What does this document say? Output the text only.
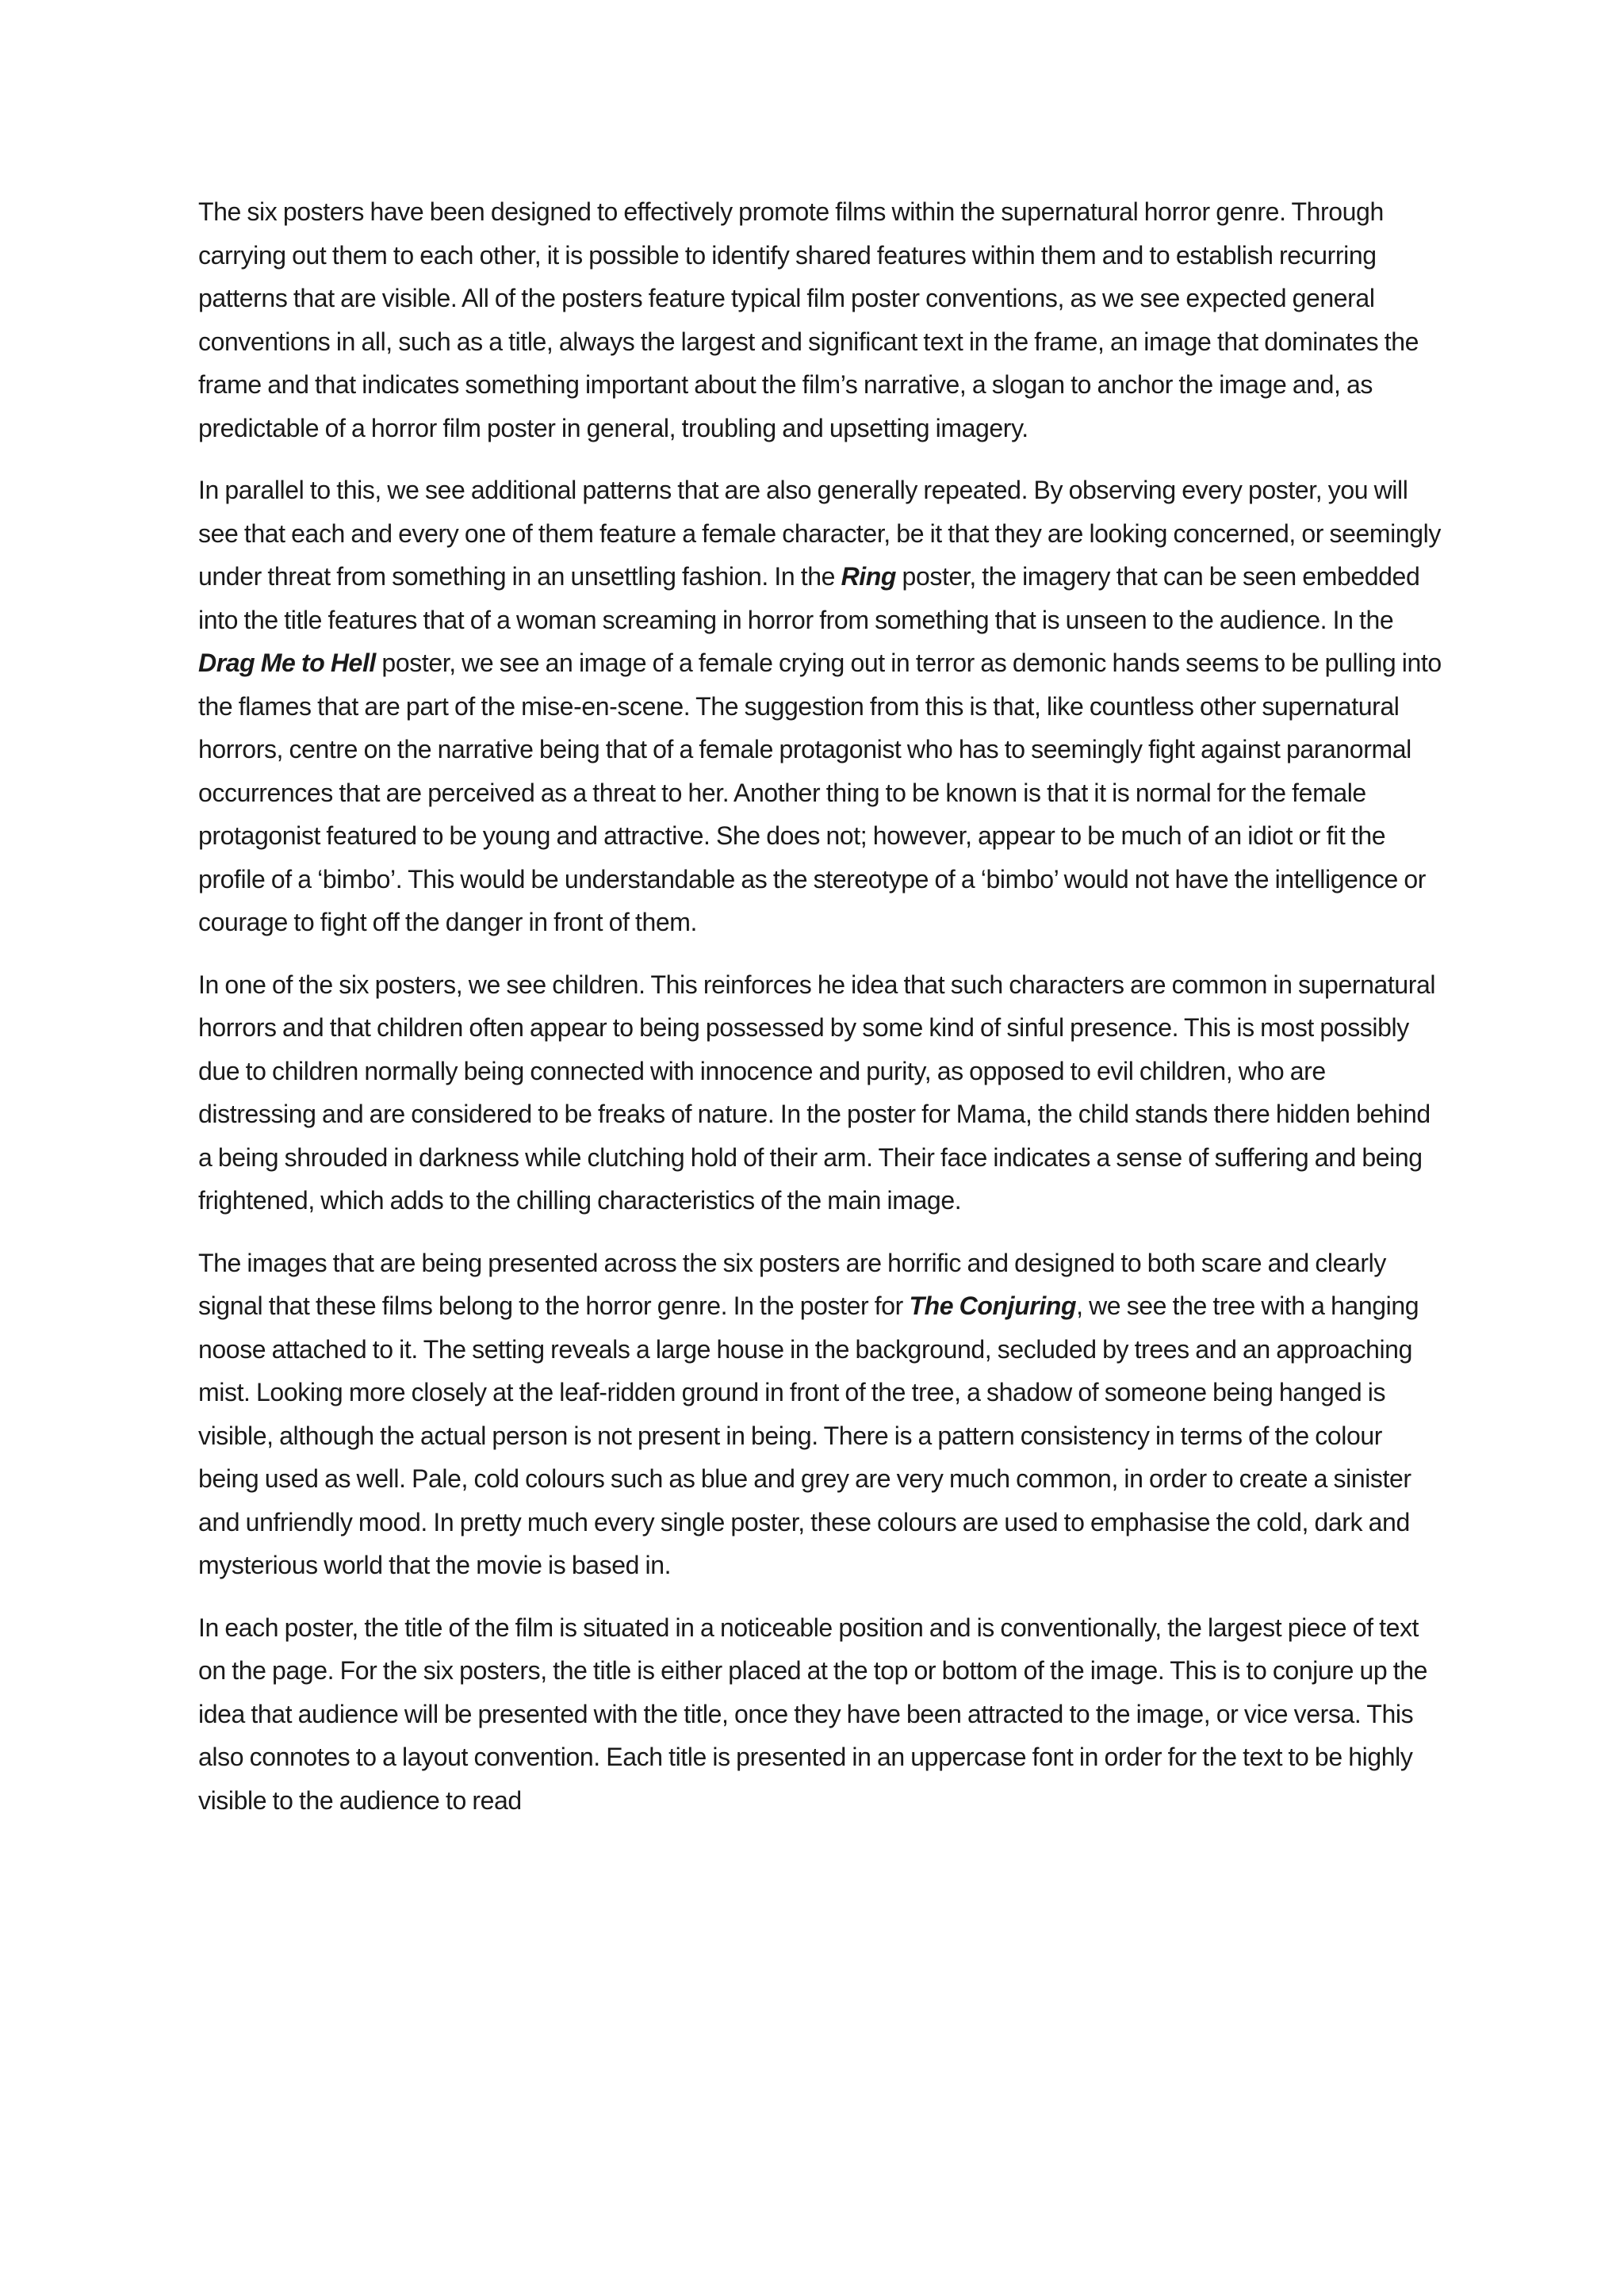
The six posters have been designed to effectively promote films within the supernatural horror genre. Through carrying out them to each other, it is possible to identify shared features within them and to establish recurring patterns that are visible. All of the posters feature typical film poster conventions, as we see expected general conventions in all, such as a title, always the largest and significant text in the frame, an image that dominates the frame and that indicates something important about the film’s narrative, a slogan to anchor the image and, as predictable of a horror film poster in general, troubling and upsetting imagery.

In parallel to this, we see additional patterns that are also generally repeated. By observing every poster, you will see that each and every one of them feature a female character, be it that they are looking concerned, or seemingly under threat from something in an unsettling fashion. In the Ring poster, the imagery that can be seen embedded into the title features that of a woman screaming in horror from something that is unseen to the audience. In the Drag Me to Hell poster, we see an image of a female crying out in terror as demonic hands seems to be pulling into the flames that are part of the mise-en-scene. The suggestion from this is that, like countless other supernatural horrors, centre on the narrative being that of a female protagonist who has to seemingly fight against paranormal occurrences that are perceived as a threat to her. Another thing to be known is that it is normal for the female protagonist featured to be young and attractive. She does not; however, appear to be much of an idiot or fit the profile of a ‘bimbo’. This would be understandable as the stereotype of a ‘bimbo’ would not have the intelligence or courage to fight off the danger in front of them.

In one of the six posters, we see children. This reinforces he idea that such characters are common in supernatural horrors and that children often appear to being possessed by some kind of sinful presence. This is most possibly due to children normally being connected with innocence and purity, as opposed to evil children, who are distressing and are considered to be freaks of nature. In the poster for Mama, the child stands there hidden behind a being shrouded in darkness while clutching hold of their arm. Their face indicates a sense of suffering and being frightened, which adds to the chilling characteristics of the main image.

The images that are being presented across the six posters are horrific and designed to both scare and clearly signal that these films belong to the horror genre. In the poster for The Conjuring, we see the tree with a hanging noose attached to it. The setting reveals a large house in the background, secluded by trees and an approaching mist. Looking more closely at the leaf-ridden ground in front of the tree, a shadow of someone being hanged is visible, although the actual person is not present in being. There is a pattern consistency in terms of the colour being used as well. Pale, cold colours such as blue and grey are very much common, in order to create a sinister and unfriendly mood. In pretty much every single poster, these colours are used to emphasise the cold, dark and mysterious world that the movie is based in.

In each poster, the title of the film is situated in a noticeable position and is conventionally, the largest piece of text on the page. For the six posters, the title is either placed at the top or bottom of the image. This is to conjure up the idea that audience will be presented with the title, once they have been attracted to the image, or vice versa. This also connotes to a layout convention. Each title is presented in an uppercase font in order for the text to be highly visible to the audience to read
